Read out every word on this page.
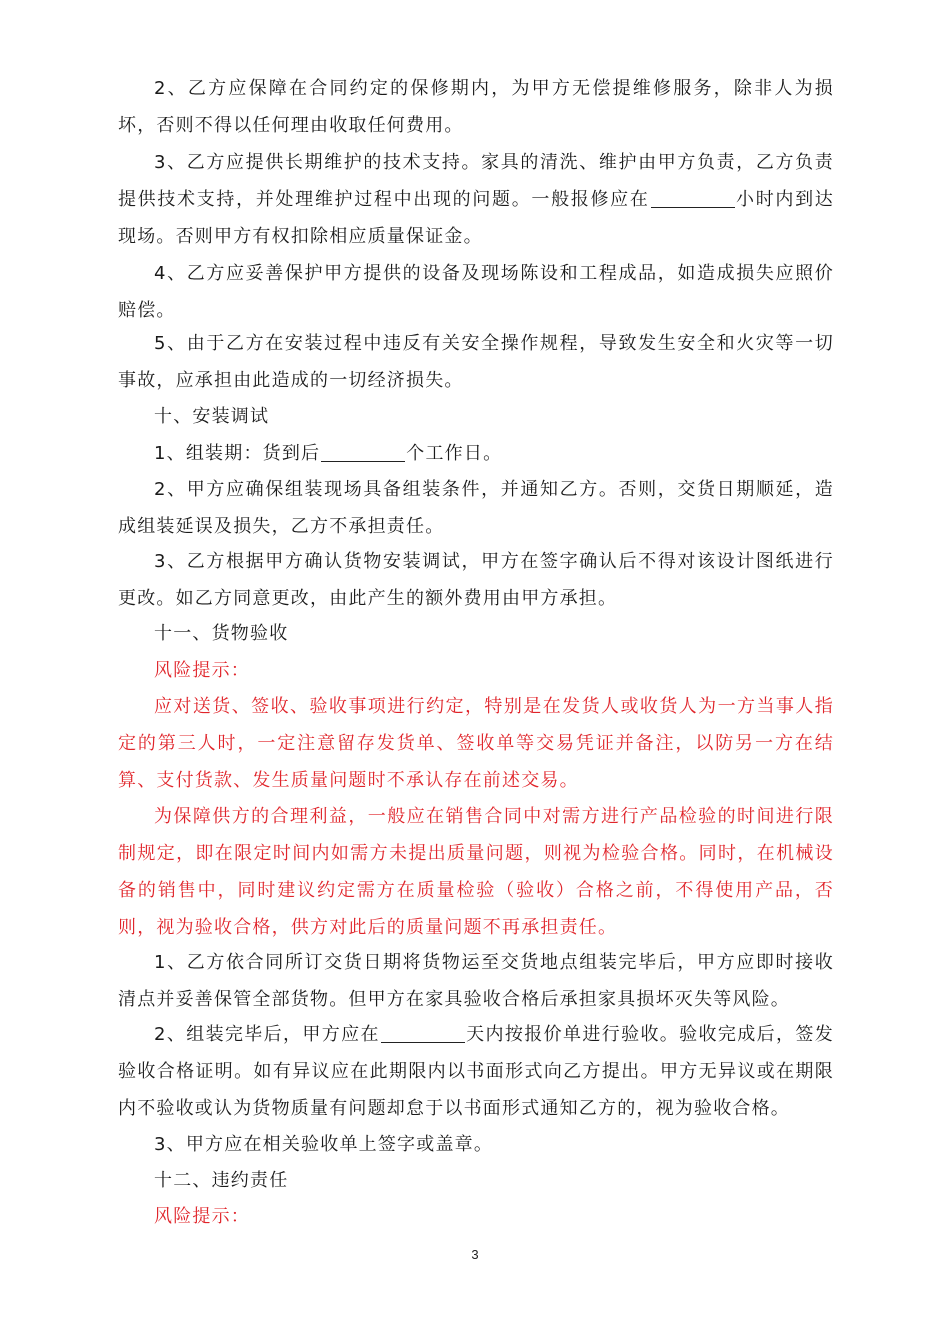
2、乙方应保障在合同约定的保修期内，为甲方无偿提维修服务，除非人为损坏，否则不得以任何理由收取任何费用。

3、乙方应提供长期维护的技术支持。家具的清洗、维护由甲方负责，乙方负责提供技术支持，并处理维护过程中出现的问题。一般报修应在	小时内到达现场。否则甲方有权扣除相应质量保证金。

4、乙方应妥善保护甲方提供的设备及现场陈设和工程成品，如造成损失应照价赔偿。

5、由于乙方在安装过程中违反有关安全操作规程，导致发生安全和火灾等一切事故，应承担由此造成的一切经济损失。

十、安装调试

1、组装期：货到后	个工作日。

2、甲方应确保组装现场具备组装条件，并通知乙方。否则，交货日期顺延，造成组装延误及损失，乙方不承担责任。

3、乙方根据甲方确认货物安装调试，甲方在签字确认后不得对该设计图纸进行更改。如乙方同意更改，由此产生的额外费用由甲方承担。

十一、货物验收

风险提示：

应对送货、签收、验收事项进行约定，特别是在发货人或收货人为一方当事人指定的第三人时，一定注意留存发货单、签收单等交易凭证并备注，以防另一方在结算、支付货款、发生质量问题时不承认存在前述交易。

为保障供方的合理利益，一般应在销售合同中对需方进行产品检验的时间进行限制规定，即在限定时间内如需方未提出质量问题，则视为检验合格。同时，在机械设备的销售中，同时建议约定需方在质量检验（验收）合格之前，不得使用产品，否则，视为验收合格，供方对此后的质量问题不再承担责任。

1、乙方依合同所订交货日期将货物运至交货地点组装完毕后，甲方应即时接收清点并妥善保管全部货物。但甲方在家具验收合格后承担家具损坏灭失等风险。

2、组装完毕后，甲方应在	天内按报价单进行验收。验收完成后，签发验收合格证明。如有异议应在此期限内以书面形式向乙方提出。甲方无异议或在期限内不验收或认为货物质量有问题却怠于以书面形式通知乙方的，视为验收合格。

3、甲方应在相关验收单上签字或盖章。

十二、违约责任

风险提示：

3
